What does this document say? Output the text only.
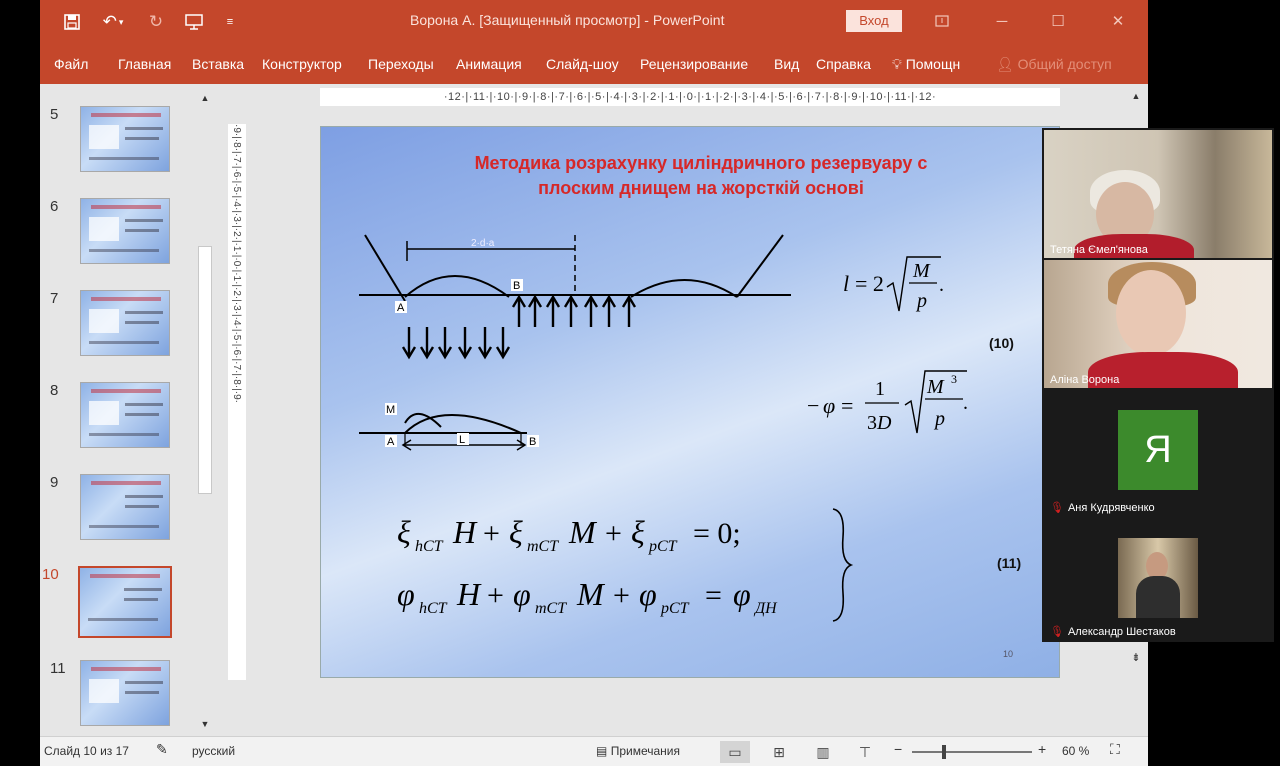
↶ ▾ ↻	≡	Ворона А. [Защищенный просмотр] - PowerPoint	Вход	─	☐	✕
Файл Главная Вставка Конструктор Переходы Анимация Слайд-шоу Рецензирование Вид Справка 💡︎ Помощн	👤︎ Общий доступ
5
6
7
8
9
10
11
▲
▼
·12·|·11·|·10·|·9·|·8·|·7·|·6·|·5·|·4·|·3·|·2·|·1·|·0·|·1·|·2·|·3·|·4·|·5·|·6·|·7·|·8·|·9·|·10·|·11·|·12·
·9·|·8·|·7·|·6·|·5·|·4·|·3·|·2·|·1·|·0·|·1·|·2·|·3·|·4·|·5·|·6·|·7·|·8·|·9·
▲
⇟
Методика розрахунку циліндричного резервуару с
плоским днищем на жорсткій основі
A
B
2·d·a
M
A	B
L
l = 2 M
p
.
− φ =
1
3 D
M 3
p
.
ξ hCT H + ξ mCT M + ξ pCT = 0;
φ hCT H + φ mCT M + φ pCT = φ ДН
(10)
(11)
10
Слайд 10 из 17 ✎ русский	▤ Примечания	▭	⊞	▥	⊤	−	+ 60 % ⛶
Тетяна Ємел'янова
Аліна Ворона
Я
🎙︎ Аня Кудрявченко
🎙︎ Александр Шестаков
